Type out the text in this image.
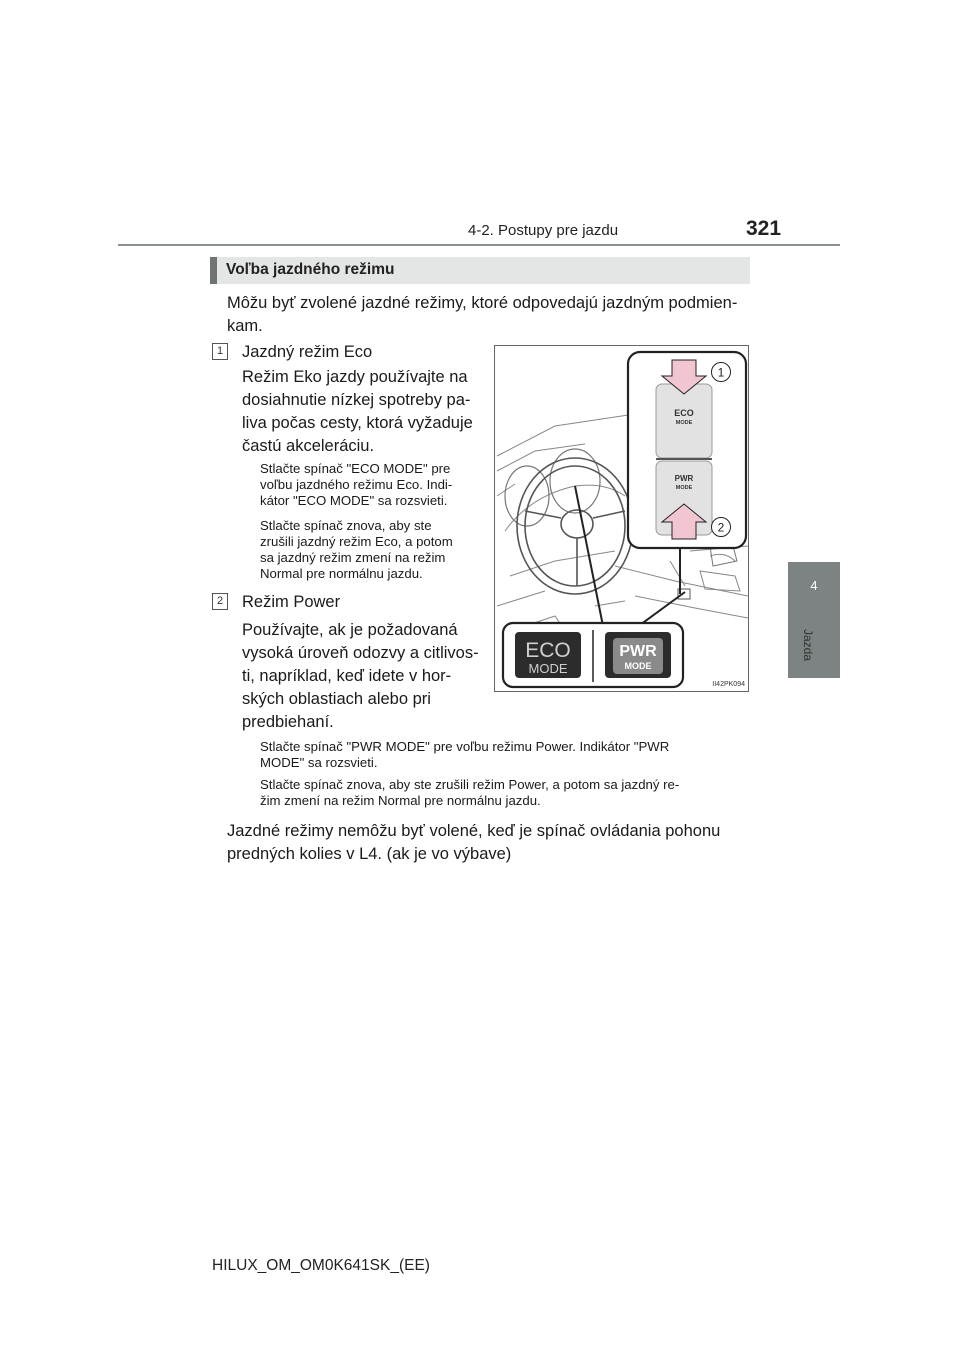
4-2. Postupy pre jazdu	321
4
Jazda
Voľba jazdného režimu
Môžu byť zvolené jazdné režimy, ktoré odpovedajú jazdným podmien-
kam.
1 Jazdný režim Eco
Režim Eko jazdy používajte na
dosiahnutie nízkej spotreby pa-
liva počas cesty, ktorá vyžaduje
častú akceleráciu.
Stlačte spínač "ECO MODE" pre
voľbu jazdného režimu Eco. Indi-
kátor "ECO MODE" sa rozsvieti.
Stlačte spínač znova, aby ste
zrušili jazdný režim Eco, a potom
sa jazdný režim zmení na režim
Normal pre normálnu jazdu.
2 Režim Power
Používajte, ak je požadovaná
vysoká úroveň odozvy a citlivos-
ti, napríklad, keď idete v hor-
ských oblastiach alebo pri
predbiehaní.
Stlačte spínač "PWR MODE" pre voľbu režimu Power. Indikátor "PWR
MODE" sa rozsvieti.
Stlačte spínač znova, aby ste zrušili režim Power, a potom sa jazdný re-
žim zmení na režim Normal pre normálnu jazdu.
Jazdné režimy nemôžu byť volené, keď je spínač ovládania pohonu
predných kolies v L4. (ak je vo výbave)
ECO
MODE
PWR
MODE
1
2
ECO
MODE
PWR
MODE
II42PK094
HILUX_OM_OM0K641SK_(EE)
